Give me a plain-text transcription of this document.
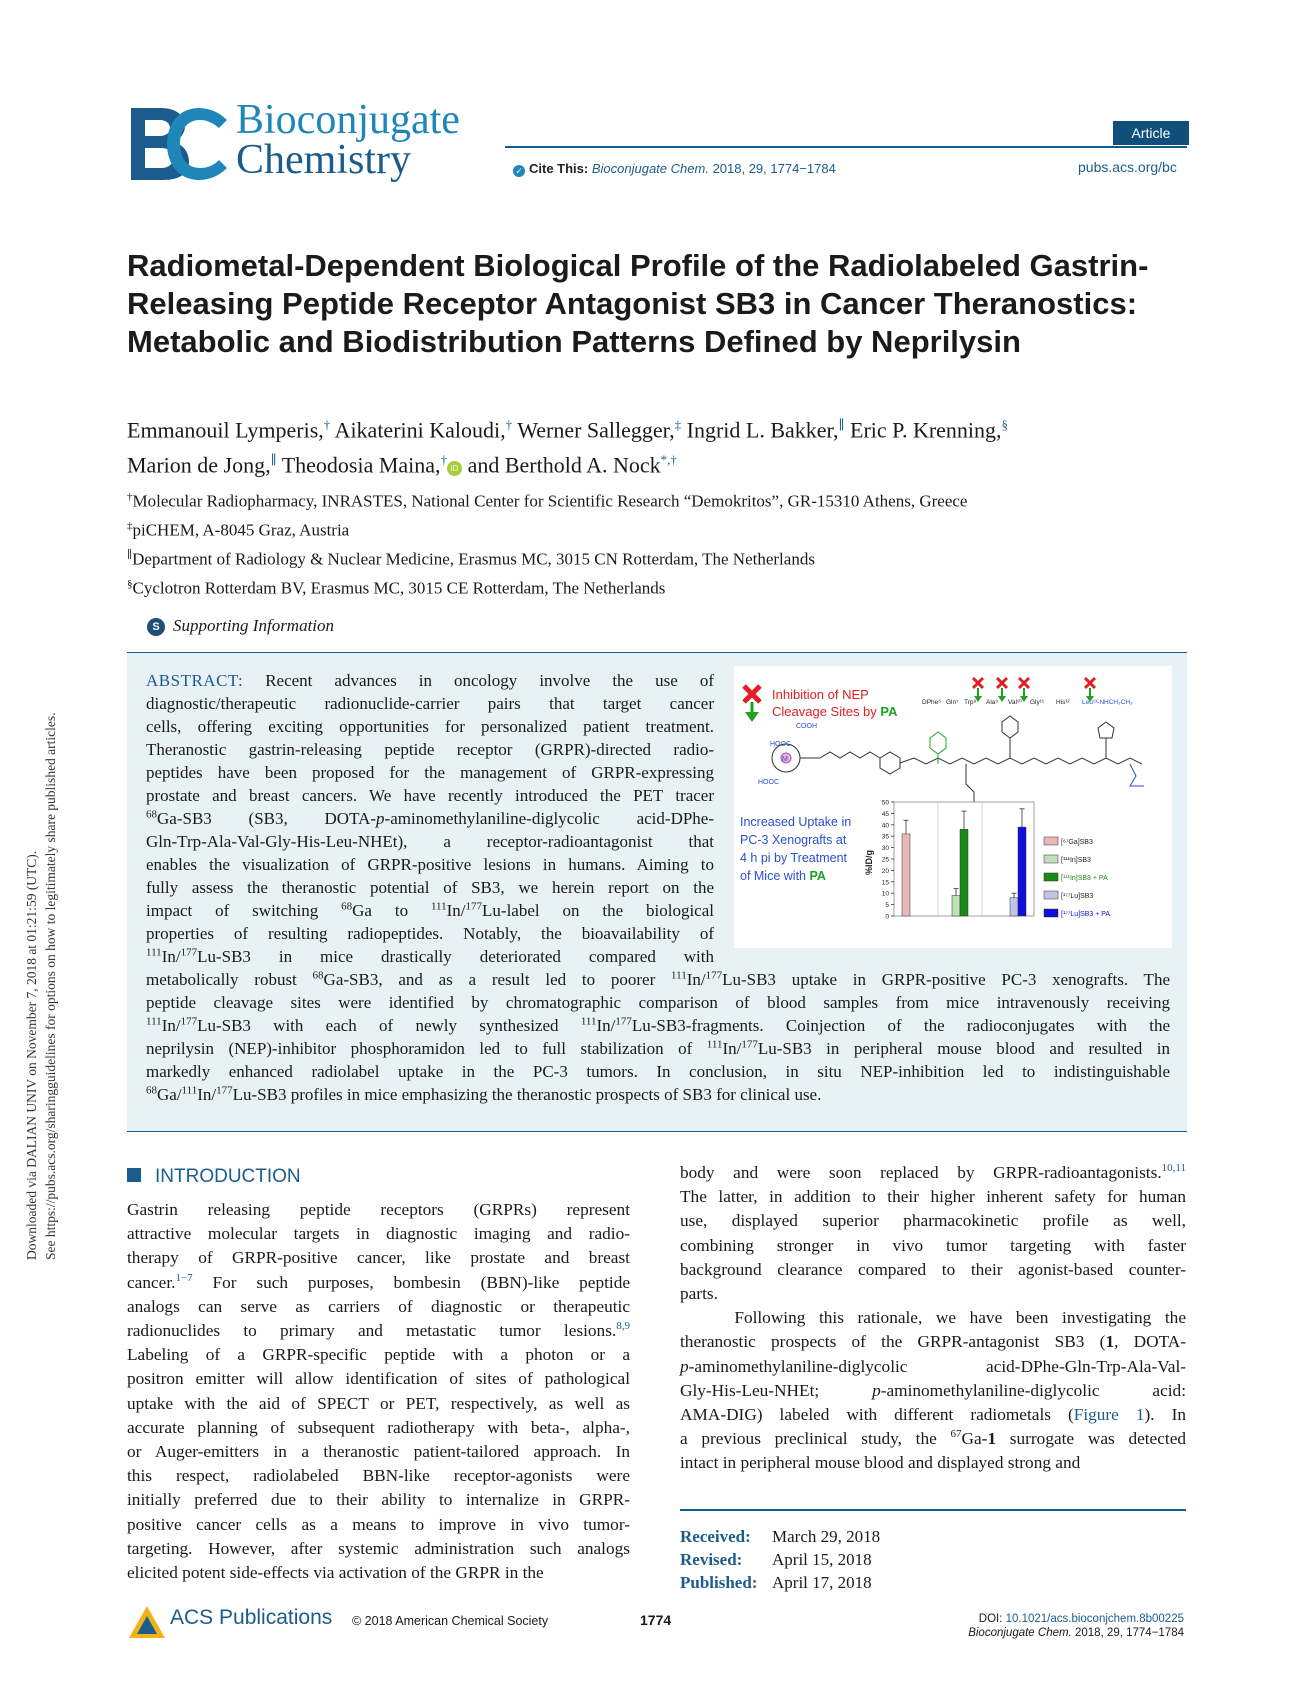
Downloaded via DALIAN UNIV on November 7, 2018 at 01:21:59 (UTC). See https://pubs.acs.org/sharingguidelines for options on how to legitimately share published articles.
Bioconjugate
Chemistry
Article
✓ Cite This: Bioconjugate Chem. 2018, 29, 1774−1784	pubs.acs.org/bc
Radiometal-Dependent Biological Profile of the Radiolabeled Gastrin-Releasing Peptide Receptor Antagonist SB3 in Cancer Theranostics: Metabolic and Biodistribution Patterns Defined by Neprilysin
Emmanouil Lymperis,† Aikaterini Kaloudi,† Werner Sallegger,‡ Ingrid L. Bakker,∥ Eric P. Krenning,§
Marion de Jong,∥ Theodosia Maina,†iD and Berthold A. Nock*,†
†Molecular Radiopharmacy, INRASTES, National Center for Scientific Research “Demokritos”, GR-15310 Athens, Greece
‡piCHEM, A-8045 Graz, Austria
∥Department of Radiology & Nuclear Medicine, Erasmus MC, 3015 CN Rotterdam, The Netherlands
§Cyclotron Rotterdam BV, Erasmus MC, 3015 CE Rotterdam, The Netherlands
S Supporting Information
ABSTRACT: Recent advances in oncology involve the use of
diagnostic/therapeutic radionuclide-carrier pairs that target cancer
cells, offering exciting opportunities for personalized patient treatment.
Theranostic gastrin-releasing peptide receptor (GRPR)-directed radio-
peptides have been proposed for the management of GRPR-expressing
prostate and breast cancers. We have recently introduced the PET tracer
$^{68}$Ga-SB3 (SB3, DOTA-p-aminomethylaniline-diglycolic acid-DPhe-
Gln-Trp-Ala-Val-Gly-His-Leu-NHEt), a receptor-radioantagonist that
enables the visualization of GRPR-positive lesions in humans. Aiming to
fully assess the theranostic potential of SB3, we herein report on the
impact of switching $^{68}$Ga to $^{111}$In/$^{177}$Lu-label on the biological
properties of resulting radiopeptides. Notably, the bioavailability of
$^{111}$In/$^{177}$Lu-SB3 in mice drastically deteriorated compared with
metabolically robust $^{68}$Ga-SB3, and as a result led to poorer $^{111}$In/$^{177}$Lu-SB3 uptake in GRPR-positive PC-3 xenografts. The
peptide cleavage sites were identified by chromatographic comparison of blood samples from mice intravenously receiving
$^{111}$In/$^{177}$Lu-SB3 with each of newly synthesized $^{111}$In/$^{177}$Lu-SB3-fragments. Coinjection of the radioconjugates with the
neprilysin (NEP)-inhibitor phosphoramidon led to full stabilization of $^{111}$In/$^{177}$Lu-SB3 in peripheral mouse blood and resulted in
markedly enhanced radiolabel uptake in the PC-3 tumors. In conclusion, in situ NEP-inhibition led to indistinguishable
$^{68}$Ga/$^{111}$In/$^{177}$Lu-SB3 profiles in mice emphasizing the theranostic prospects of SB3 for clinical use.
Inhibition of NEP
Cleavage Sites by PA
DPhe⁶ Gln⁷ Trp⁸ Ala⁹ Val¹⁰ Gly¹¹ His¹² Leu¹³-NHCH₂CH₃
HOOC
COOH
HOOC
M
Increased Uptake in
PC-3 Xenografts at
4 h pi by Treatment
of Mice with PA
0
5
10
15
20
25
30
35
40
45
50
%ID/g
[⁶⁷Ga]SB3
[¹¹¹In]SB3
[¹¹¹In]SB3 + PA
[¹⁷⁷Lu]SB3
[¹⁷⁷Lu]SB3 + PA
INTRODUCTION
Gastrin releasing peptide receptors (GRPRs) represent
attractive molecular targets in diagnostic imaging and radio-
therapy of GRPR-positive cancer, like prostate and breast
cancer.$^{1-7}$ For such purposes, bombesin (BBN)-like peptide
analogs can serve as carriers of diagnostic or therapeutic
radionuclides to primary and metastatic tumor lesions.$^{8,9}$
Labeling of a GRPR-specific peptide with a photon or a
positron emitter will allow identification of sites of pathological
uptake with the aid of SPECT or PET, respectively, as well as
accurate planning of subsequent radiotherapy with beta-, alpha-,
or Auger-emitters in a theranostic patient-tailored approach. In
this respect, radiolabeled BBN-like receptor-agonists were
initially preferred due to their ability to internalize in GRPR-
positive cancer cells as a means to improve in vivo tumor-
targeting. However, after systemic administration such analogs
elicited potent side-effects via activation of the GRPR in the
body and were soon replaced by GRPR-radioantagonists.$^{10,11}$
The latter, in addition to their higher inherent safety for human
use, displayed superior pharmacokinetic profile as well,
combining stronger in vivo tumor targeting with faster
background clearance compared to their agonist-based counter-
parts.
Following this rationale, we have been investigating the
theranostic prospects of the GRPR-antagonist SB3 (1, DOTA-
p-aminomethylaniline-diglycolic acid-DPhe-Gln-Trp-Ala-Val-
Gly-His-Leu-NHEt; p-aminomethylaniline-diglycolic acid:
AMA-DIG) labeled with different radiometals (Figure 1). In
a previous preclinical study, the $^{67}$Ga-1 surrogate was detected
intact in peripheral mouse blood and displayed strong and
Received: March 29, 2018
Revised: April 15, 2018
Published: April 17, 2018
ACS Publications © 2018 American Chemical Society	1774	DOI: 10.1021/acs.bioconjchem.8b00225
Bioconjugate Chem. 2018, 29, 1774−1784
